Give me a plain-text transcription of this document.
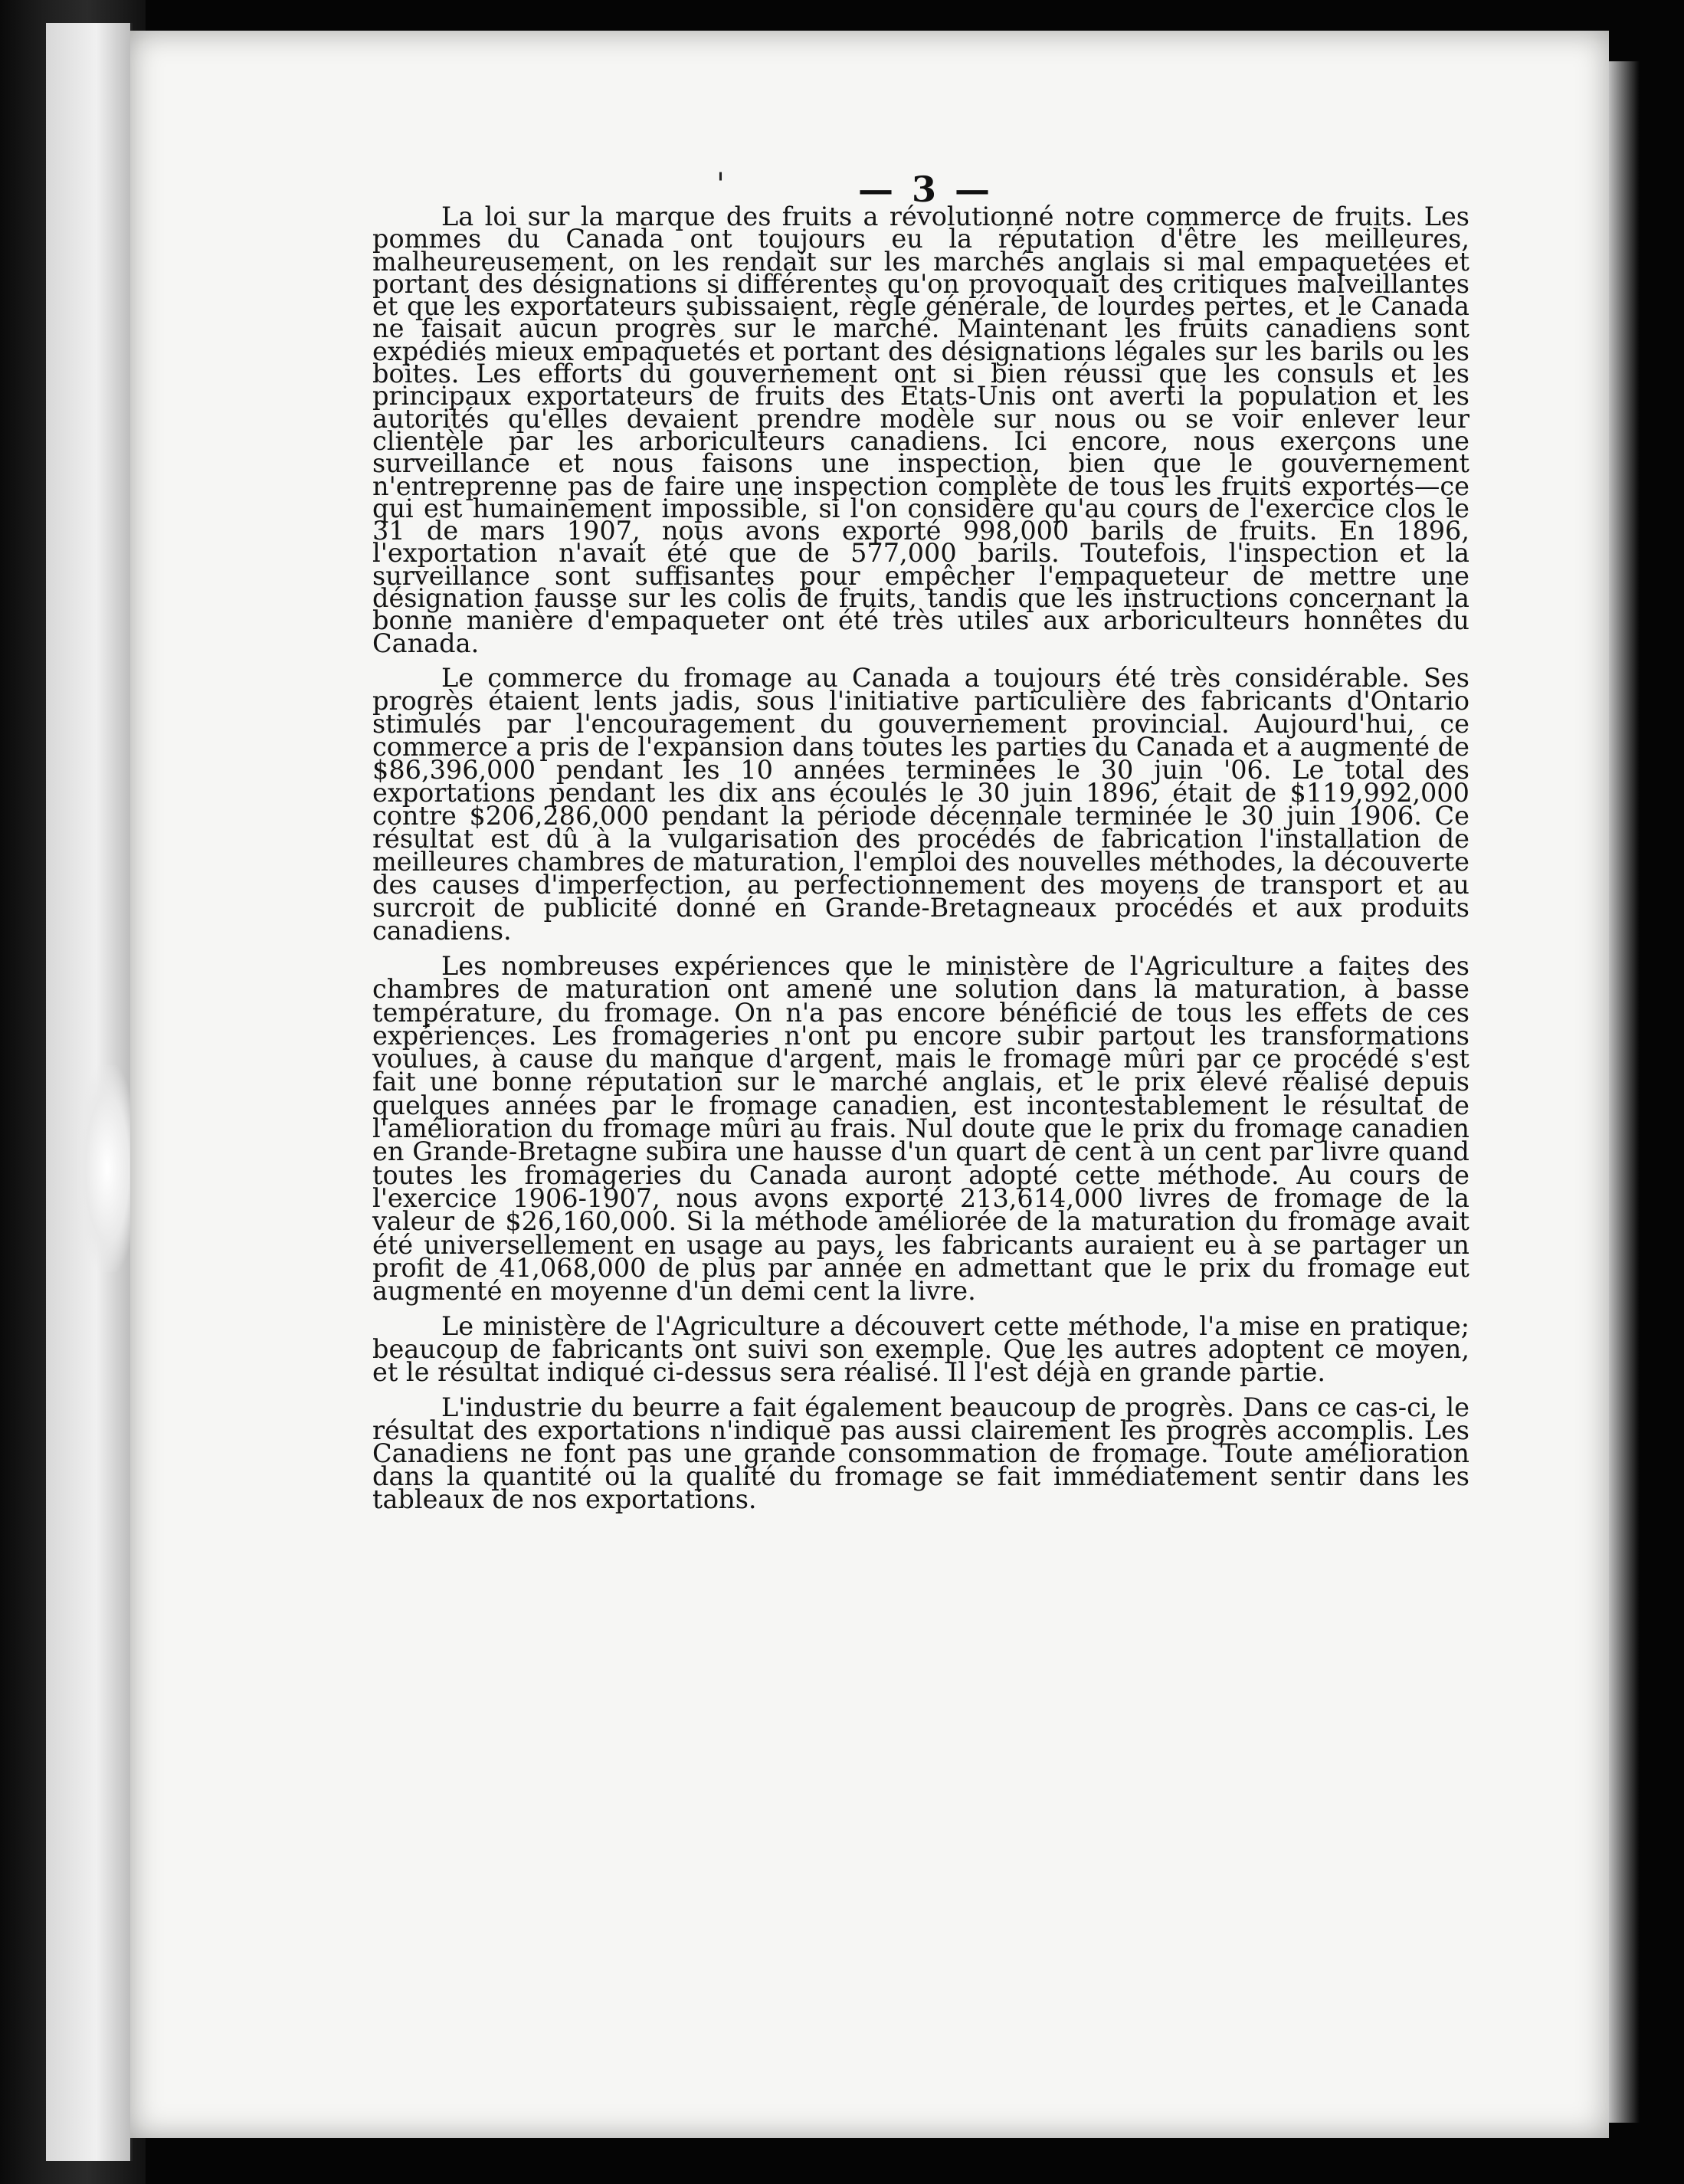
'	— 3 —

La loi sur la marque des fruits a révolutionné notre commerce de fruits. Les pommes du Canada ont toujours eu la réputation d'être les meilleures, malheureusement, on les rendait sur les marchés anglais si mal empaquetées et portant des désignations si différentes qu'on provoquait des critiques malveillantes et que les exportateurs subissaient, règle générale, de lourdes pertes, et le Canada ne faisait aucun progrès sur le marché. Maintenant les fruits canadiens sont expédiés mieux empaquetés et portant des désignations légales sur les barils ou les boites. Les efforts du gouvernement ont si bien réussi que les consuls et les principaux exportateurs de fruits des Etats-Unis ont averti la population et les autorités qu'elles devaient prendre modèle sur nous ou se voir enlever leur clientèle par les arboriculteurs canadiens. Ici encore, nous exerçons une surveillance et nous faisons une inspection, bien que le gouvernement n'entreprenne pas de faire une inspection complète de tous les fruits exportés—ce qui est humainement impossible, si l'on considère qu'au cours de l'exercice clos le 31 de mars 1907, nous avons exporté 998,000 barils de fruits. En 1896, l'exportation n'avait été que de 577,000 barils. Toutefois, l'inspection et la surveillance sont suffisantes pour empêcher l'empaqueteur de mettre une désignation fausse sur les colis de fruits, tandis que les instructions concernant la bonne manière d'empaqueter ont été très utiles aux arboriculteurs honnêtes du Canada.

Le commerce du fromage au Canada a toujours été très considérable. Ses progrès étaient lents jadis, sous l'initiative particulière des fabricants d'Ontario stimulés par l'encouragement du gouvernement provincial. Aujourd'hui, ce commerce a pris de l'expansion dans toutes les parties du Canada et a augmenté de $86,396,000 pendant les 10 années terminées le 30 juin '06. Le total des exportations pendant les dix ans écoulés le 30 juin 1896, était de $119,992,000 contre $206,286,000 pendant la période décennale terminée le 30 juin 1906. Ce résultat est dû à la vulgarisation des procédés de fabrication l'installation de meilleures chambres de maturation, l'emploi des nouvelles méthodes, la découverte des causes d'imperfection, au perfectionnement des moyens de transport et au surcroit de publicité donné en Grande-Bretagneaux procédés et aux produits canadiens.

Les nombreuses expériences que le ministère de l'Agriculture a faites des chambres de maturation ont amené une solution dans la maturation, à basse température, du fromage. On n'a pas encore bénéficié de tous les effets de ces expériences. Les fromageries n'ont pu encore subir partout les transformations voulues, à cause du manque d'argent, mais le fromage mûri par ce procédé s'est fait une bonne réputation sur le marché anglais, et le prix élevé réalisé depuis quelques années par le fromage canadien, est incontestablement le résultat de l'amélioration du fromage mûri au frais. Nul doute que le prix du fromage canadien en Grande-Bretagne subira une hausse d'un quart de cent à un cent par livre quand toutes les fromageries du Canada auront adopté cette méthode. Au cours de l'exercice 1906-1907, nous avons exporté 213,614,000 livres de fromage de la valeur de $26,160,000. Si la méthode améliorée de la maturation du fromage avait été universellement en usage au pays, les fabricants auraient eu à se partager un profit de 41,068,000 de plus par année en admettant que le prix du fromage eut augmenté en moyenne d'un demi cent la livre.

Le ministère de l'Agriculture a découvert cette méthode, l'a mise en pratique; beaucoup de fabricants ont suivi son exemple. Que les autres adoptent ce moyen, et le résultat indiqué ci-dessus sera réalisé. Il l'est déjà en grande partie.

L'industrie du beurre a fait également beaucoup de progrès. Dans ce cas-ci, le résultat des exportations n'indique pas aussi clairement les progrès accomplis. Les Canadiens ne font pas une grande consommation de fromage. Toute amélioration dans la quantité ou la qualité du fromage se fait immédiatement sentir dans les tableaux de nos exportations.
